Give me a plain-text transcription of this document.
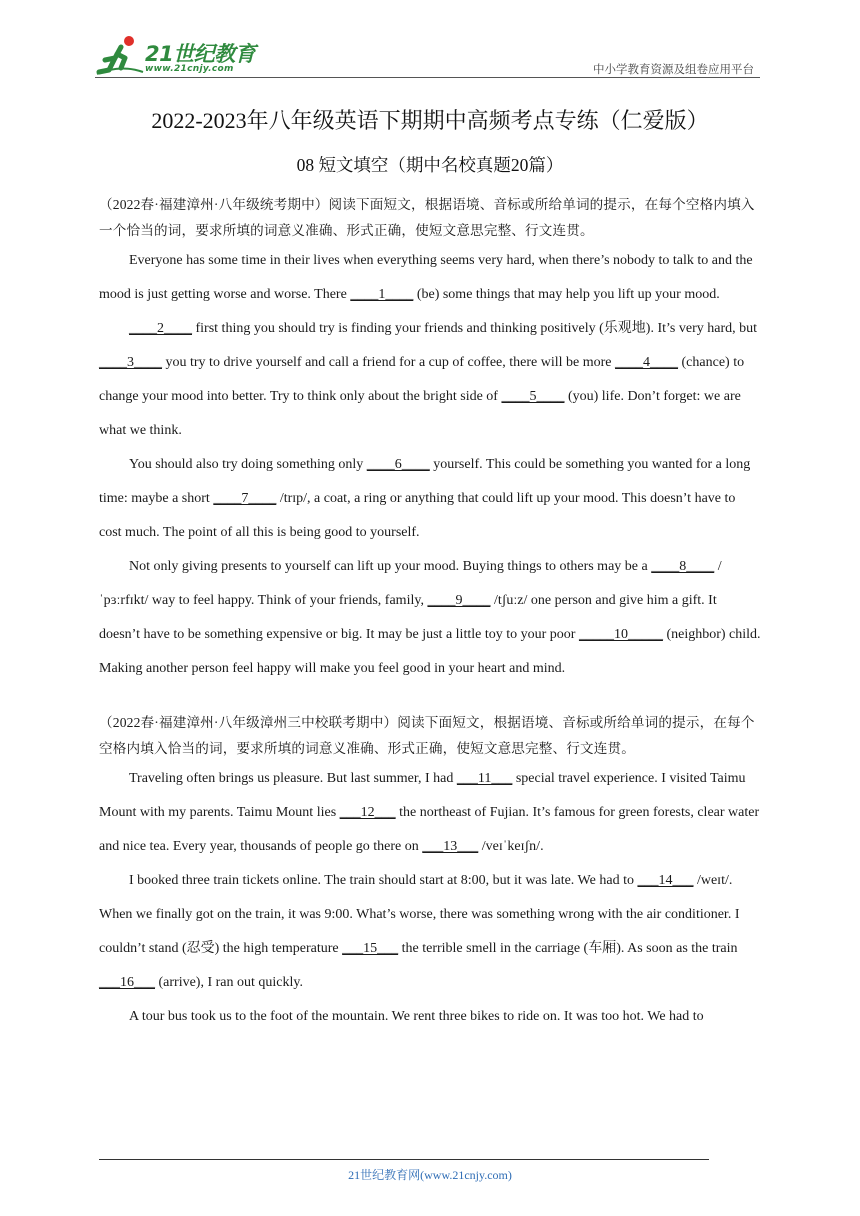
21世纪教育
www.21cnjy.com	中小学教育资源及组卷应用平台
2022-2023年八年级英语下期期中高频考点专练（仁爱版）
08 短文填空（期中名校真题20篇）

（2022春·福建漳州·八年级统考期中）阅读下面短文，根据语境、音标或所给单词的提示，在每个空格内填入一个恰当的词，要求所填的词意义准确、形式正确，使短文意思完整、行文连贯。

Everyone has some time in their lives when everything seems very hard, when there’s nobody to talk to and the mood is just getting worse and worse. There ____1____ (be) some things that may help you lift up your mood.

____2____ first thing you should try is finding your friends and thinking positively (乐观地). It’s very hard, but ____3____ you try to drive yourself and call a friend for a cup of coffee, there will be more ____4____ (chance) to change your mood into better. Try to think only about the bright side of ____5____ (you) life. Don’t forget: we are what we think.

You should also try doing something only ____6____ yourself. This could be something you wanted for a long time: maybe a short ____7____ /trɪp/, a coat, a ring or anything that could lift up your mood. This doesn’t have to cost much. The point of all this is being good to yourself.

Not only giving presents to yourself can lift up your mood. Buying things to others may be a ____8____ /ˈpɜːrfɪkt/ way to feel happy. Think of your friends, family, ____9____ /tʃuːz/ one person and give him a gift. It doesn’t have to be something expensive or big. It may be just a little toy to your poor _____10_____ (neighbor) child. Making another person feel happy will make you feel good in your heart and mind.

（2022春·福建漳州·八年级漳州三中校联考期中）阅读下面短文，根据语境、音标或所给单词的提示，在每个空格内填入恰当的词，要求所填的词意义准确、形式正确，使短文意思完整、行文连贯。

Traveling often brings us pleasure. But last summer, I had ___11___ special travel experience. I visited Taimu Mount with my parents. Taimu Mount lies ___12___ the northeast of Fujian. It’s famous for green forests, clear water and nice tea. Every year, thousands of people go there on ___13___ /veɪˈkeɪʃn/.

I booked three train tickets online. The train should start at 8:00, but it was late. We had to ___14___ /weɪt/. When we finally got on the train, it was 9:00. What’s worse, there was something wrong with the air conditioner. I couldn’t stand (忍受) the high temperature ___15___ the terrible smell in the carriage (车厢). As soon as the train ___16___ (arrive), I ran out quickly.

A tour bus took us to the foot of the mountain. We rent three bikes to ride on. It was too hot. We had to

21世纪教育网(www.21cnjy.com)
